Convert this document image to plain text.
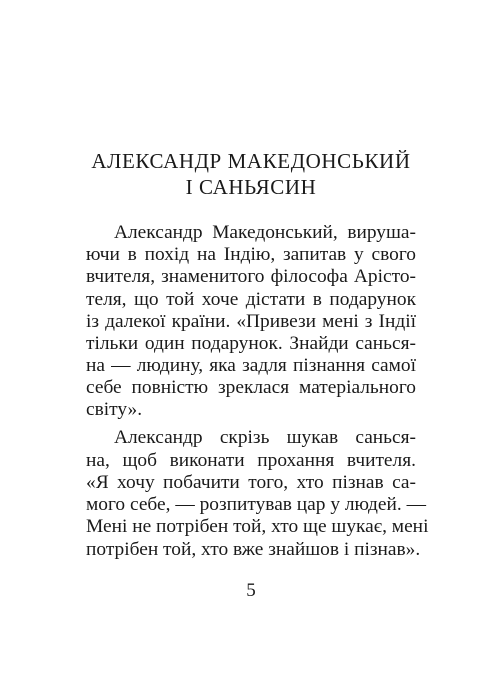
АЛЕКСАНДР МАКЕДОНСЬКИЙ
І САНЬЯСИН
Александр Македонський, вируша-
ючи в похід на Індію, запитав у свого
вчителя, знаменитого філософа Арісто-
теля, що той хоче дістати в подарунок
із далекої країни. «Привези мені з Індії
тільки один подарунок. Знайди санься-
на — людину, яка задля пізнання самої
себе повністю зреклася матеріального
світу».
Александр скрізь шукав санься-
на, щоб виконати прохання вчителя.
«Я хочу побачити того, хто пізнав са-
мого себе, — розпитував цар у людей. —
Мені не потрібен той, хто ще шукає, мені
потрібен той, хто вже знайшов і пізнав».
5
